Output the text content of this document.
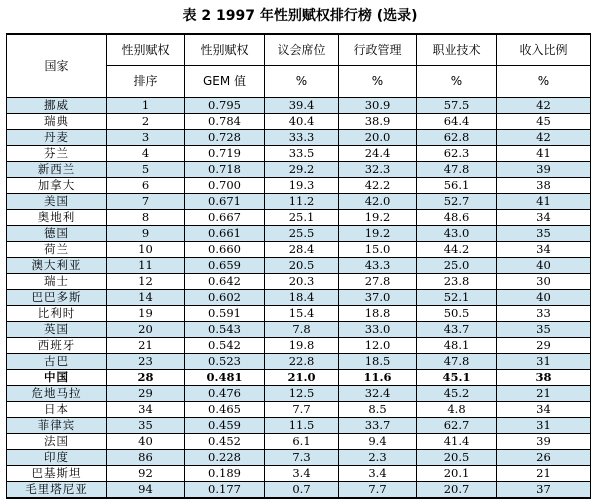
表 2 1997 年性别赋权排行榜 (选录)
国家	性别赋权	性别赋权	议会席位	行政管理	职业技术	收入比例
	排序	GEM 值	%	%	%	%
挪威	1	0.795	39.4	30.9	57.5	42
瑞典	2	0.784	40.4	38.9	64.4	45
丹麦	3	0.728	33.3	20.0	62.8	42
芬兰	4	0.719	33.5	24.4	62.3	41
新西兰	5	0.718	29.2	32.3	47.8	39
加拿大	6	0.700	19.3	42.2	56.1	38
美国	7	0.671	11.2	42.0	52.7	41
奥地利	8	0.667	25.1	19.2	48.6	34
德国	9	0.661	25.5	19.2	43.0	35
荷兰	10	0.660	28.4	15.0	44.2	34
澳大利亚	11	0.659	20.5	43.3	25.0	40
瑞士	12	0.642	20.3	27.8	23.8	30
巴巴多斯	14	0.602	18.4	37.0	52.1	40
比利时	19	0.591	15.4	18.8	50.5	33
英国	20	0.543	7.8	33.0	43.7	35
西班牙	21	0.542	19.8	12.0	48.1	29
古巴	23	0.523	22.8	18.5	47.8	31
中国	28	0.481	21.0	11.6	45.1	38
危地马拉	29	0.476	12.5	32.4	45.2	21
日本	34	0.465	7.7	8.5	4.8	34
菲律宾	35	0.459	11.5	33.7	62.7	31
法国	40	0.452	6.1	9.4	41.4	39
印度	86	0.228	7.3	2.3	20.5	26
巴基斯坦	92	0.189	3.4	3.4	20.1	21
毛里塔尼亚	94	0.177	0.7	7.7	20.7	37
